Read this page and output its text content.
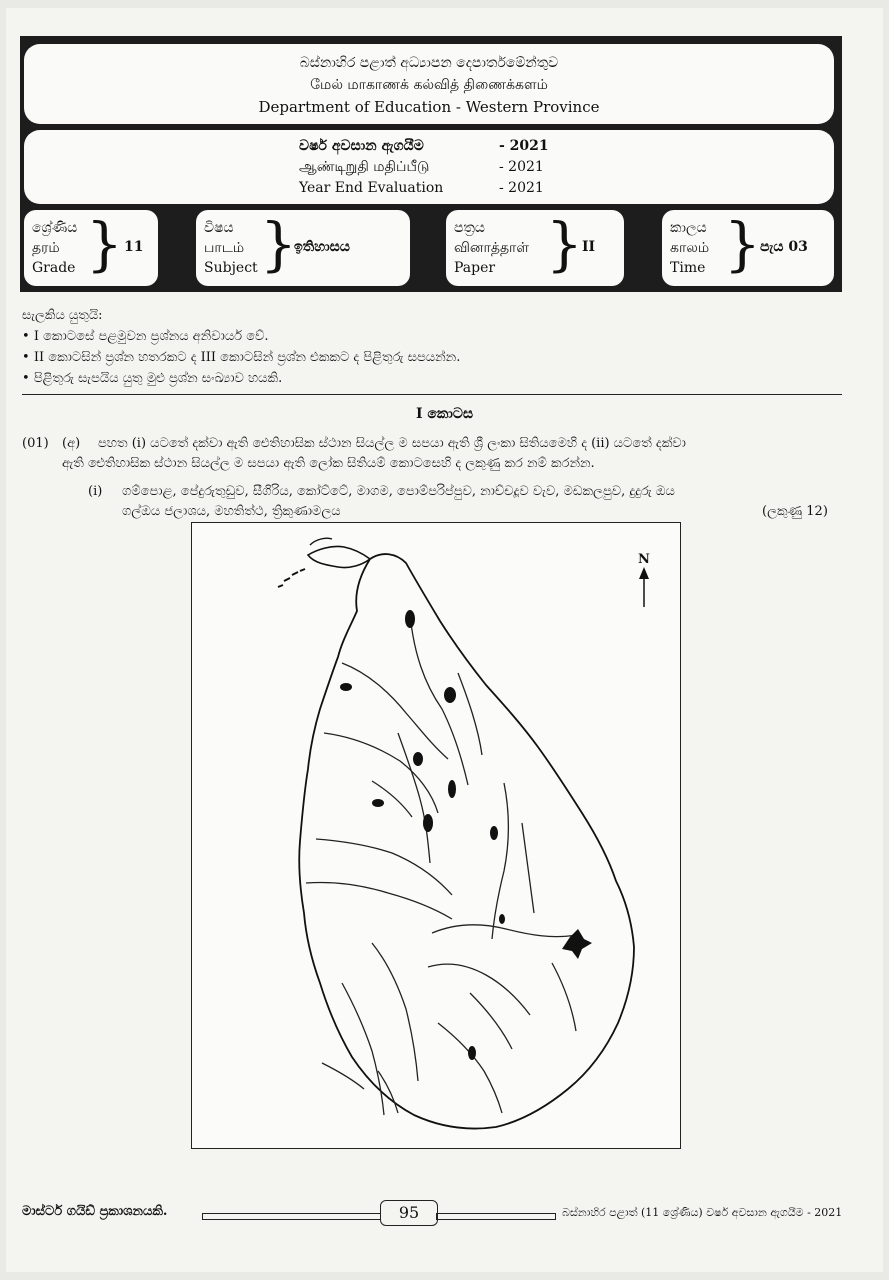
බස්නාහිර පළාත් අධ්‍යාපන දෙපාර්තමේන්තුව
மேல் மாகாணக் கல்வித் திணைக்களம்
Department of Education - Western Province
වර්ෂ අවසාන ඇගයීම	- 2021
ஆண்டிறுதி மதிப்பீடு	- 2021
Year End Evaluation	- 2021
ශ්‍රේණිය
தரம்
Grade } 11
විෂය
பாடம்
Subject }
ඉතිහාසය
පත්‍රය
வினாத்தாள்
Paper } II
කාලය
காலம்
Time } පැය 03
සැලකිය යුතුයි:
• I කොටසේ පළමුවන ප්‍රශ්නය අනිවාර්ය වේ.
• II කොටසින් ප්‍රශ්න හතරකට ද III කොටසින් ප්‍රශ්න එකකට ද පිළිතුරු සපයන්න.
• පිළිතුරු සැපයිය යුතු මුළු ප්‍රශ්න සංඛ්‍යාව හයකි.
I කොටස
(01) (අ) පහත (i) යටතේ දක්වා ඇති ඓතිහාසික ස්ථාන සියල්ල ම සපයා ඇති ශ්‍රී ලංකා සිතියමෙහි ද (ii) යටතේ දක්වා
ඇති ඓතිහාසික ස්ථාන සියල්ල ම සපයා ඇති ලෝක සිතියම් කොටසෙහි ද ලකුණු කර නම් කරන්න.
(i) ගම්පොළ, පේදුරුතුඩුව, සීගිරිය, කෝට්ටේ, මාගම, පොම්පරිප්පුව, නාච්චදූව වැව, මඩකලපුව, දුදුරු ඔය
ගල්ඔය ජලාශය, මහතිත්ථ, ත්‍රිකුණාමලය	(ලකුණු 12)
N
මාස්ටර් ගයිඩ් ප්‍රකාශනයකි.	95	බස්නාහිර පළාත් (11 ශ්‍රේණිය) වර්ෂ අවසාන ඇගයීම - 2021
